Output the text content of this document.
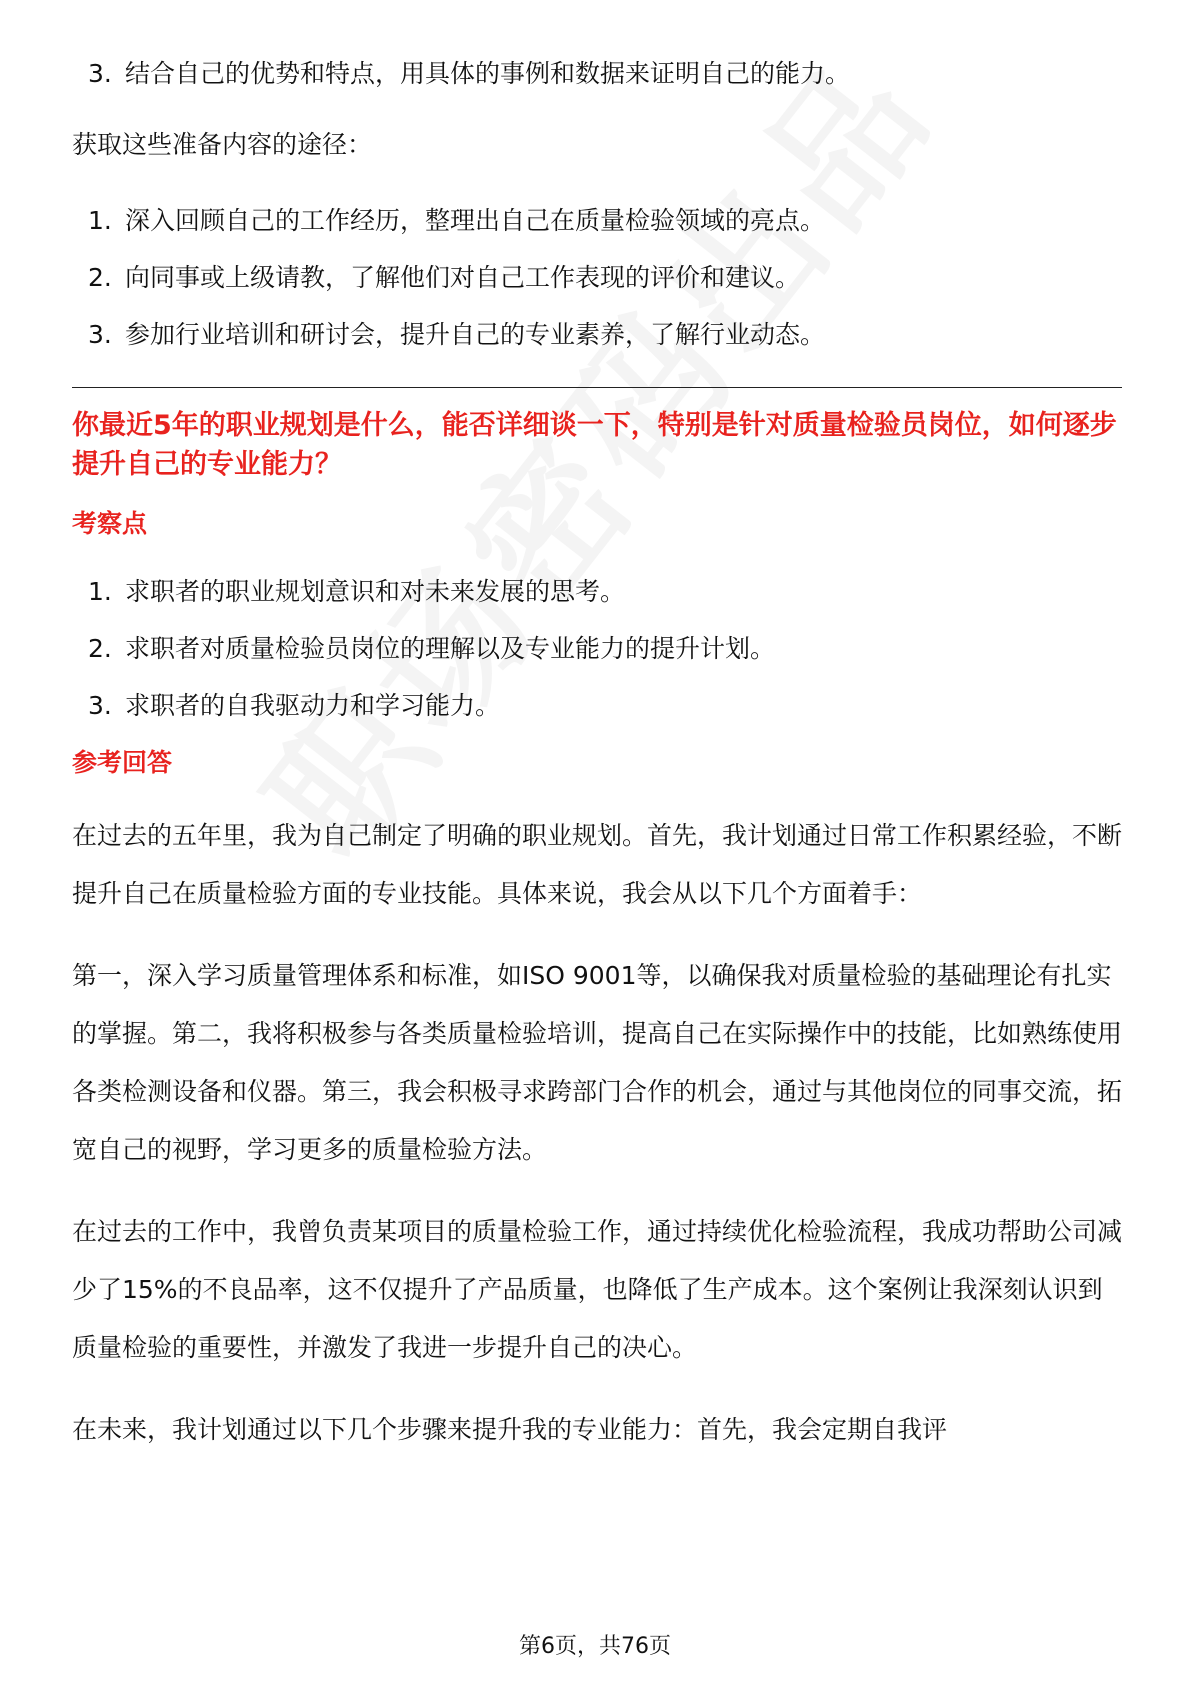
3. 结合自己的优势和特点，用具体的事例和数据来证明自己的能力。

获取这些准备内容的途径：

1. 深入回顾自己的工作经历，整理出自己在质量检验领域的亮点。
2. 向同事或上级请教，了解他们对自己工作表现的评价和建议。
3. 参加行业培训和研讨会，提升自己的专业素养，了解行业动态。

你最近5年的职业规划是什么，能否详细谈一下，特别是针对质量检验员岗位，如何逐步提升自己的专业能力？

考察点

1. 求职者的职业规划意识和对未来发展的思考。
2. 求职者对质量检验员岗位的理解以及专业能力的提升计划。
3. 求职者的自我驱动力和学习能力。

参考回答

在过去的五年里，我为自己制定了明确的职业规划。首先，我计划通过日常工作积累经验，不断提升自己在质量检验方面的专业技能。具体来说，我会从以下几个方面着手：

第一，深入学习质量管理体系和标准，如ISO 9001等，以确保我对质量检验的基础理论有扎实的掌握。第二，我将积极参与各类质量检验培训，提高自己在实际操作中的技能，比如熟练使用各类检测设备和仪器。第三，我会积极寻求跨部门合作的机会，通过与其他岗位的同事交流，拓宽自己的视野，学习更多的质量检验方法。

在过去的工作中，我曾负责某项目的质量检验工作，通过持续优化检验流程，我成功帮助公司减少了15%的不良品率，这不仅提升了产品质量，也降低了生产成本。这个案例让我深刻认识到质量检验的重要性，并激发了我进一步提升自己的决心。

在未来，我计划通过以下几个步骤来提升我的专业能力：首先，我会定期自我评

第6页，共76页
